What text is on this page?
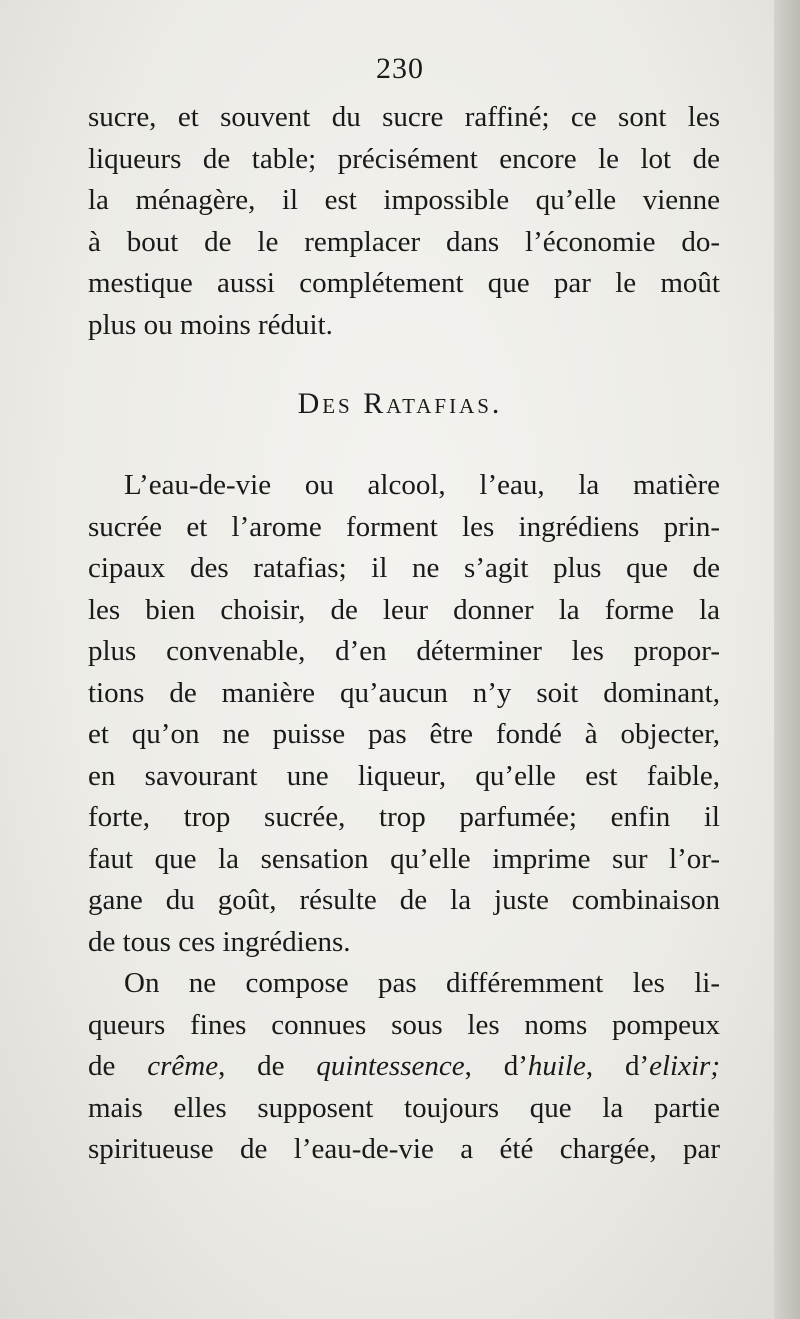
230
sucre, et souvent du sucre raffiné; ce sont les
liqueurs de table; précisément encore le lot de
la ménagère, il est impossible qu’elle vienne
à bout de le remplacer dans l’économie do-
mestique aussi complétement que par le moût
plus ou moins réduit.
Des Ratafias.
L’eau-de-vie ou alcool, l’eau, la matière
sucrée et l’arome forment les ingrédiens prin-
cipaux des ratafias; il ne s’agit plus que de
les bien choisir, de leur donner la forme la
plus convenable, d’en déterminer les propor-
tions de manière qu’aucun n’y soit dominant,
et qu’on ne puisse pas être fondé à objecter,
en savourant une liqueur, qu’elle est faible,
forte, trop sucrée, trop parfumée; enfin il
faut que la sensation qu’elle imprime sur l’or-
gane du goût, résulte de la juste combinaison
de tous ces ingrédiens.
On ne compose pas différemment les li-
queurs fines connues sous les noms pompeux
de crême, de quintessence, d’huile, d’elixir;
mais elles supposent toujours que la partie
spiritueuse de l’eau-de-vie a été chargée, par
